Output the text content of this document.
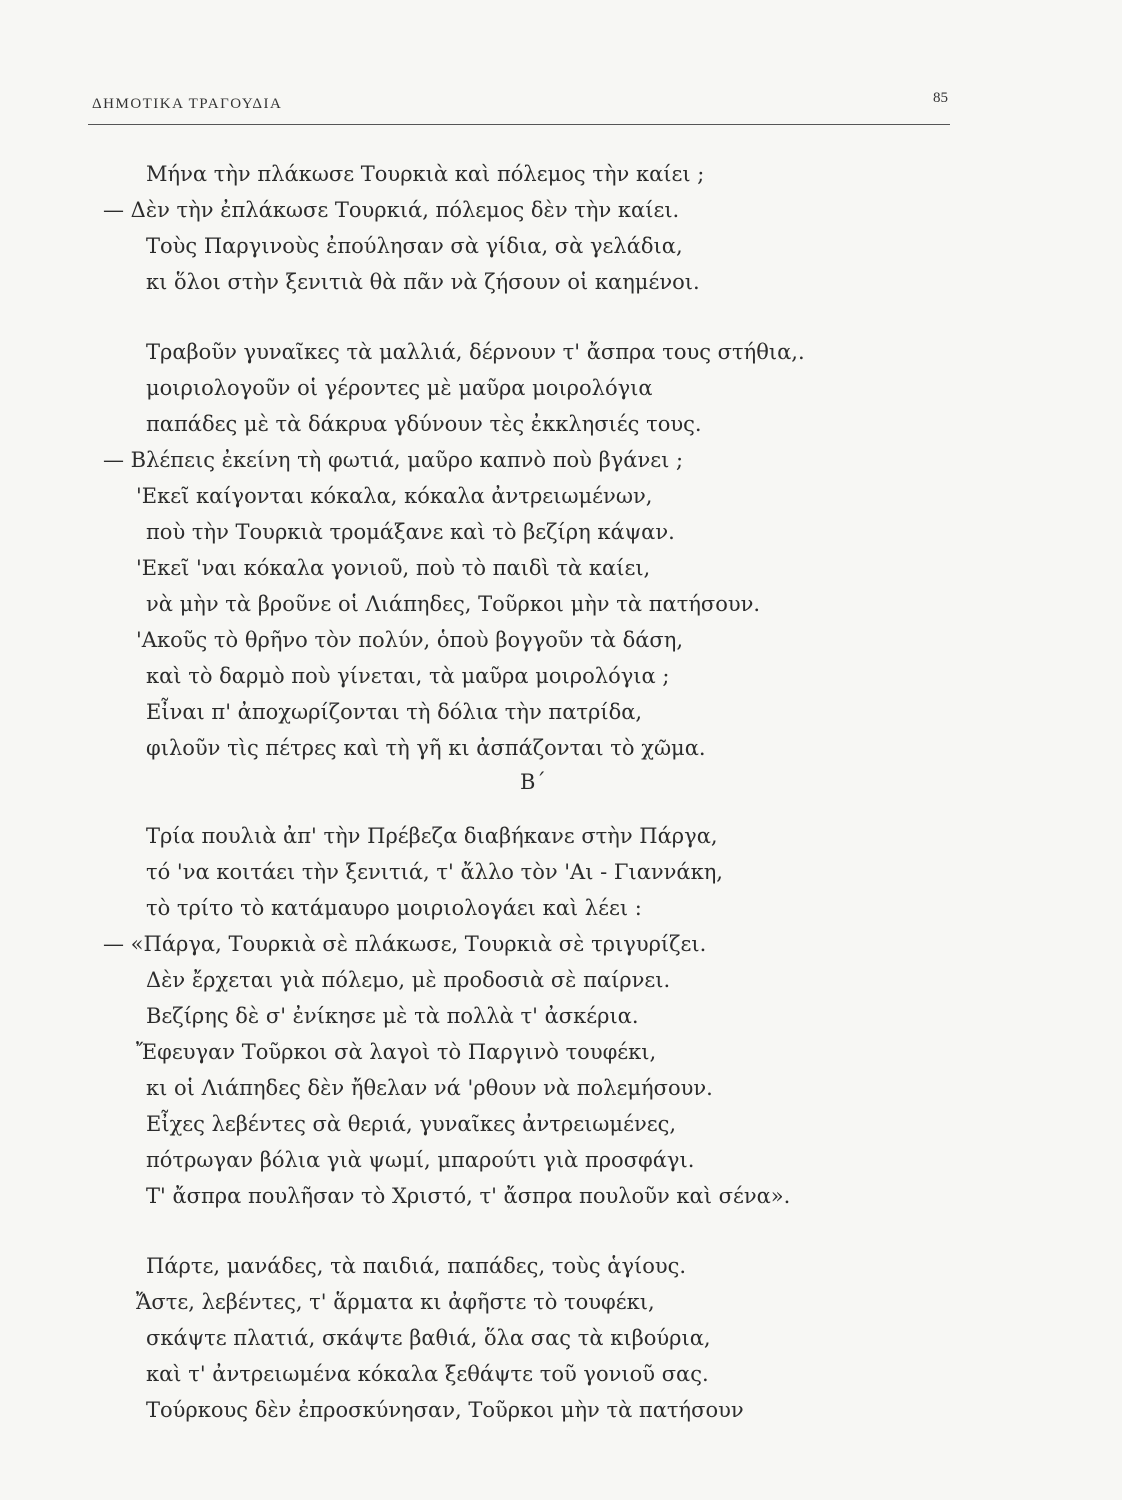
ΔΗΜΟΤΙΚΑ ΤΡΑΓΟΥΔΙΑ	85
Μήνα τὴν πλάκωσε Τουρκιὰ καὶ πόλεμος τὴν καίει ;
— Δὲν τὴν ἐπλάκωσε Τουρκιά, πόλεμος δὲν τὴν καίει.
Τοὺς Παργινοὺς ἐπούλησαν σὰ γίδια, σὰ γελάδια,
κι ὅλοι στὴν ξενιτιὰ θὰ πᾶν νὰ ζήσουν οἱ καημένοι.
Τραβοῦν γυναῖκες τὰ μαλλιά, δέρνουν τ' ἄσπρα τους στήθια,.
μοιριολογοῦν οἱ γέροντες μὲ μαῦρα μοιρολόγια
παπάδες μὲ τὰ δάκρυα γδύνουν τὲς ἐκκλησιές τους.
— Βλέπεις ἐκείνη τὴ φωτιά, μαῦρο καπνὸ ποὺ βγάνει ;
'Εκεῖ καίγονται κόκαλα, κόκαλα ἀντρειωμένων,
ποὺ τὴν Τουρκιὰ τρομάξανε καὶ τὸ βεζίρη κάψαν.
'Εκεῖ 'ναι κόκαλα γονιοῦ, ποὺ τὸ παιδὶ τὰ καίει,
νὰ μὴν τὰ βροῦνε οἱ Λιάπηδες, Τοῦρκοι μὴν τὰ πατήσουν.
'Ακοῦς τὸ θρῆνο τὸν πολύν, ὁποὺ βογγοῦν τὰ δάση,
καὶ τὸ δαρμὸ ποὺ γίνεται, τὰ μαῦρα μοιρολόγια ;
Εἶναι π' ἀποχωρίζονται τὴ δόλια τὴν πατρίδα,
φιλοῦν τὶς πέτρες καὶ τὴ γῆ κι ἀσπάζονται τὸ χῶμα.
Β΄
Τρία πουλιὰ ἀπ' τὴν Πρέβεζα διαβήκανε στὴν Πάργα,
τό 'να κοιτάει τὴν ξενιτιά, τ' ἄλλο τὸν 'Αι - Γιαννάκη,
τὸ τρίτο τὸ κατάμαυρο μοιριολογάει καὶ λέει :
— «Πάργα, Τουρκιὰ σὲ πλάκωσε, Τουρκιὰ σὲ τριγυρίζει.
Δὲν ἔρχεται γιὰ πόλεμο, μὲ προδοσιὰ σὲ παίρνει.
Βεζίρης δὲ σ' ἐνίκησε μὲ τὰ πολλὰ τ' ἀσκέρια.
Ἔφευγαν Τοῦρκοι σὰ λαγοὶ τὸ Παργινὸ τουφέκι,
κι οἱ Λιάπηδες δὲν ἤθελαν νά 'ρθουν νὰ πολεμήσουν.
Εἶχες λεβέντες σὰ θεριά, γυναῖκες ἀντρειωμένες,
πότρωγαν βόλια γιὰ ψωμί, μπαρούτι γιὰ προσφάγι.
Τ' ἄσπρα πουλῆσαν τὸ Χριστό, τ' ἄσπρα πουλοῦν καὶ σένα».
Πάρτε, μανάδες, τὰ παιδιά, παπάδες, τοὺς ἁγίους.
Ἄστε, λεβέντες, τ' ἅρματα κι ἀφῆστε τὸ τουφέκι,
σκάψτε πλατιά, σκάψτε βαθιά, ὅλα σας τὰ κιβούρια,
καὶ τ' ἀντρειωμένα κόκαλα ξεθάψτε τοῦ γονιοῦ σας.
Τούρκους δὲν ἐπροσκύνησαν, Τοῦρκοι μὴν τὰ πατήσουν
